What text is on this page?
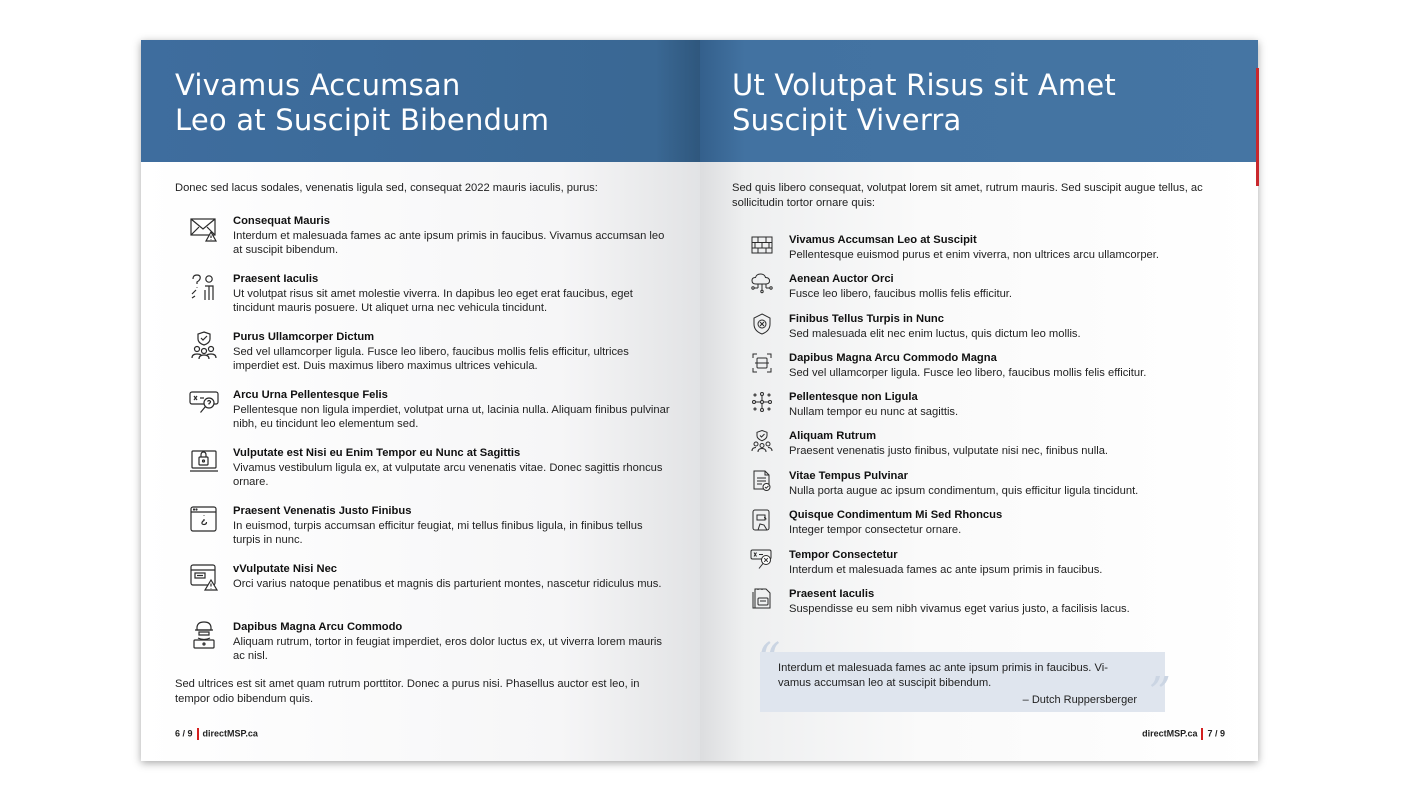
Vivamus Accumsan
Leo at Suscipit Bibendum

Donec sed lacus sodales, venenatis ligula sed, consequat 2022 mauris iaculis, purus:

Consequat Mauris
Interdum et malesuada fames ac ante ipsum primis in faucibus. Vivamus accumsan leo at suscipit bibendum.
Praesent Iaculis
Ut volutpat risus sit amet molestie viverra. In dapibus leo eget erat faucibus, eget tincidunt mauris posuere. Ut aliquet urna nec vehicula tincidunt.
Purus Ullamcorper Dictum
Sed vel ullamcorper ligula. Fusce leo libero, faucibus mollis felis efficitur, ultrices imperdiet est. Duis maximus libero maximus ultrices vehicula.
Arcu Urna Pellentesque Felis
Pellentesque non ligula imperdiet, volutpat urna ut, lacinia nulla. Aliquam finibus pulvinar nibh, eu tincidunt leo elementum sed.
Vulputate est Nisi eu Enim Tempor eu Nunc at Sagittis
Vivamus vestibulum ligula ex, at vulputate arcu venenatis vitae. Donec sagittis rhoncus ornare.
Praesent Venenatis Justo Finibus
In euismod, turpis accumsan efficitur feugiat, mi tellus finibus ligula, in finibus tellus turpis in nunc.
vVulputate Nisi Nec
Orci varius natoque penatibus et magnis dis parturient montes, nascetur ridiculus mus.
Dapibus Magna Arcu Commodo
Aliquam rutrum, tortor in feugiat imperdiet, eros dolor luctus ex, ut viverra lorem mauris ac nisl.

Sed ultrices est sit amet quam rutrum porttitor. Donec a purus nisi. Phasellus auctor est leo, in tempor odio bibendum quis.

6 / 9 directMSP.ca
Ut Volutpat Risus sit Amet
Suscipit Viverra

Sed quis libero consequat, volutpat lorem sit amet, rutrum mauris. Sed suscipit augue tellus, ac sollicitudin tortor ornare quis:

Vivamus Accumsan Leo at Suscipit
Pellentesque euismod purus et enim viverra, non ultrices arcu ullamcorper.
Aenean Auctor Orci
Fusce leo libero, faucibus mollis felis efficitur.
Finibus Tellus Turpis in Nunc
Sed malesuada elit nec enim luctus, quis dictum leo mollis.
Dapibus Magna Arcu Commodo Magna
Sed vel ullamcorper ligula. Fusce leo libero, faucibus mollis felis efficitur.
Pellentesque non Ligula
Nullam tempor eu nunc at sagittis.
Aliquam Rutrum
Praesent venenatis justo finibus, vulputate nisi nec, finibus nulla.
Vitae Tempus Pulvinar
Nulla porta augue ac ipsum condimentum, quis efficitur ligula tincidunt.
Quisque Condimentum Mi Sed Rhoncus
Integer tempor consectetur ornare.
Tempor Consectetur
Interdum et malesuada fames ac ante ipsum primis in faucibus.
Praesent Iaculis
Suspendisse eu sem nibh vivamus eget varius justo, a facilisis lacus.
“
Interdum et malesuada fames ac ante ipsum primis in faucibus. Vi-
vamus accumsan leo at suscipit bibendum.
– Dutch Ruppersberger ”
directMSP.ca 7 / 9
